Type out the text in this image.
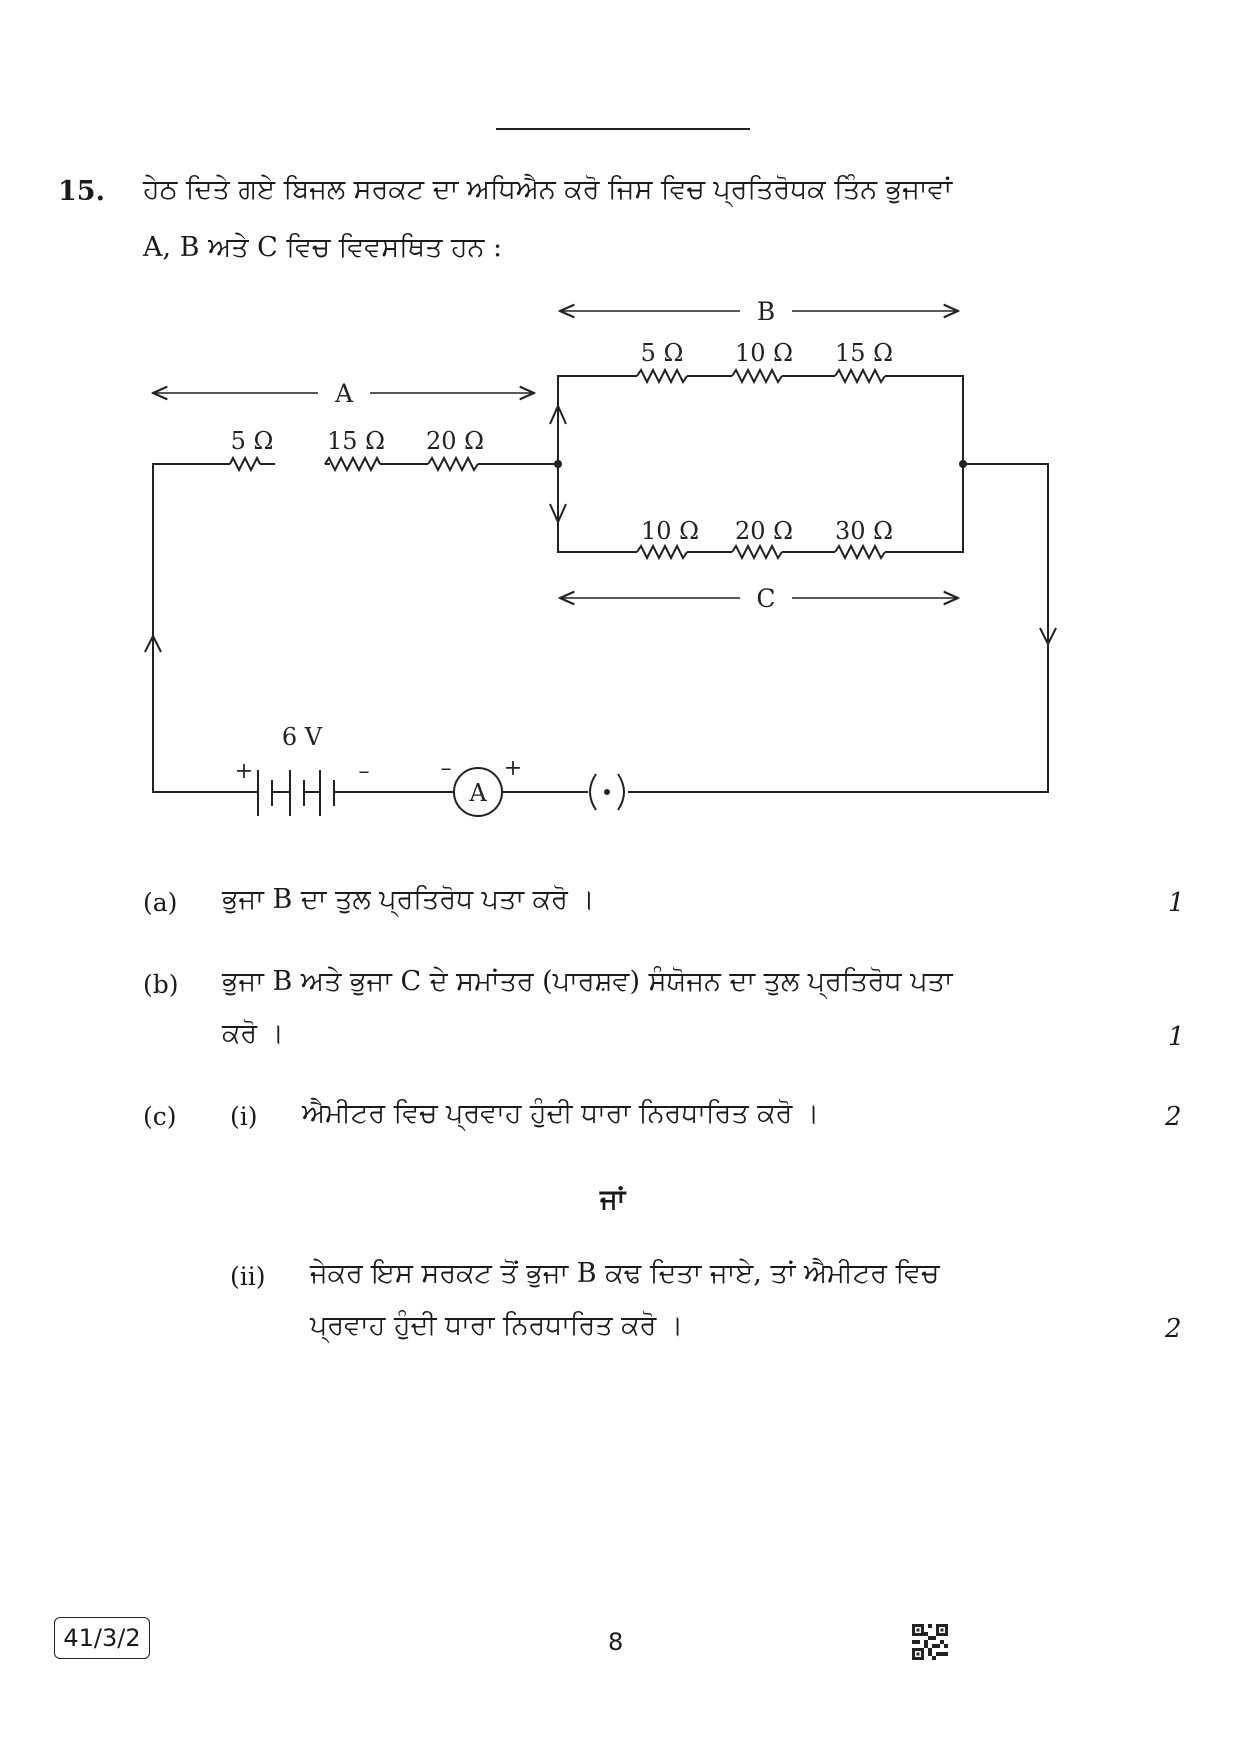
15. ਹੇਠ ਦਿਤੇ ਗਏ ਬਿਜਲ ਸਰਕਟ ਦਾ ਅਧਿਐਨ ਕਰੋ ਜਿਸ ਵਿਚ ਪ੍ਰਤਿਰੋਧਕ ਤਿੰਨ ਭੁਜਾਵਾਂ
A, B ਅਤੇ C ਵਿਚ ਵਿਵਸਥਿਤ ਹਨ :
A
B
C
5 Ω 15 Ω 20 Ω
5 Ω 10 Ω 15 Ω
10 Ω 20 Ω 30 Ω
6 V
+	–
A
– +
(a) ਭੁਜਾ B ਦਾ ਤੁਲ ਪ੍ਰਤਿਰੋਧ ਪਤਾ ਕਰੋ ।	1
(b) ਭੁਜਾ B ਅਤੇ ਭੁਜਾ C ਦੇ ਸਮਾਂਤਰ (ਪਾਰਸ਼ਵ) ਸੰਯੋਜਨ ਦਾ ਤੁਲ ਪ੍ਰਤਿਰੋਧ ਪਤਾ
ਕਰੋ ।	1
(c) (i) ਐਮੀਟਰ ਵਿਚ ਪ੍ਰਵਾਹ ਹੁੰਦੀ ਧਾਰਾ ਨਿਰਧਾਰਿਤ ਕਰੋ ।	2
ਜਾਂ
(ii) ਜੇਕਰ ਇਸ ਸਰਕਟ ਤੋਂ ਭੁਜਾ B ਕਢ ਦਿਤਾ ਜਾਏ, ਤਾਂ ਐਮੀਟਰ ਵਿਚ
ਪ੍ਰਵਾਹ ਹੁੰਦੀ ਧਾਰਾ ਨਿਰਧਾਰਿਤ ਕਰੋ ।	2
41/3/2	8
